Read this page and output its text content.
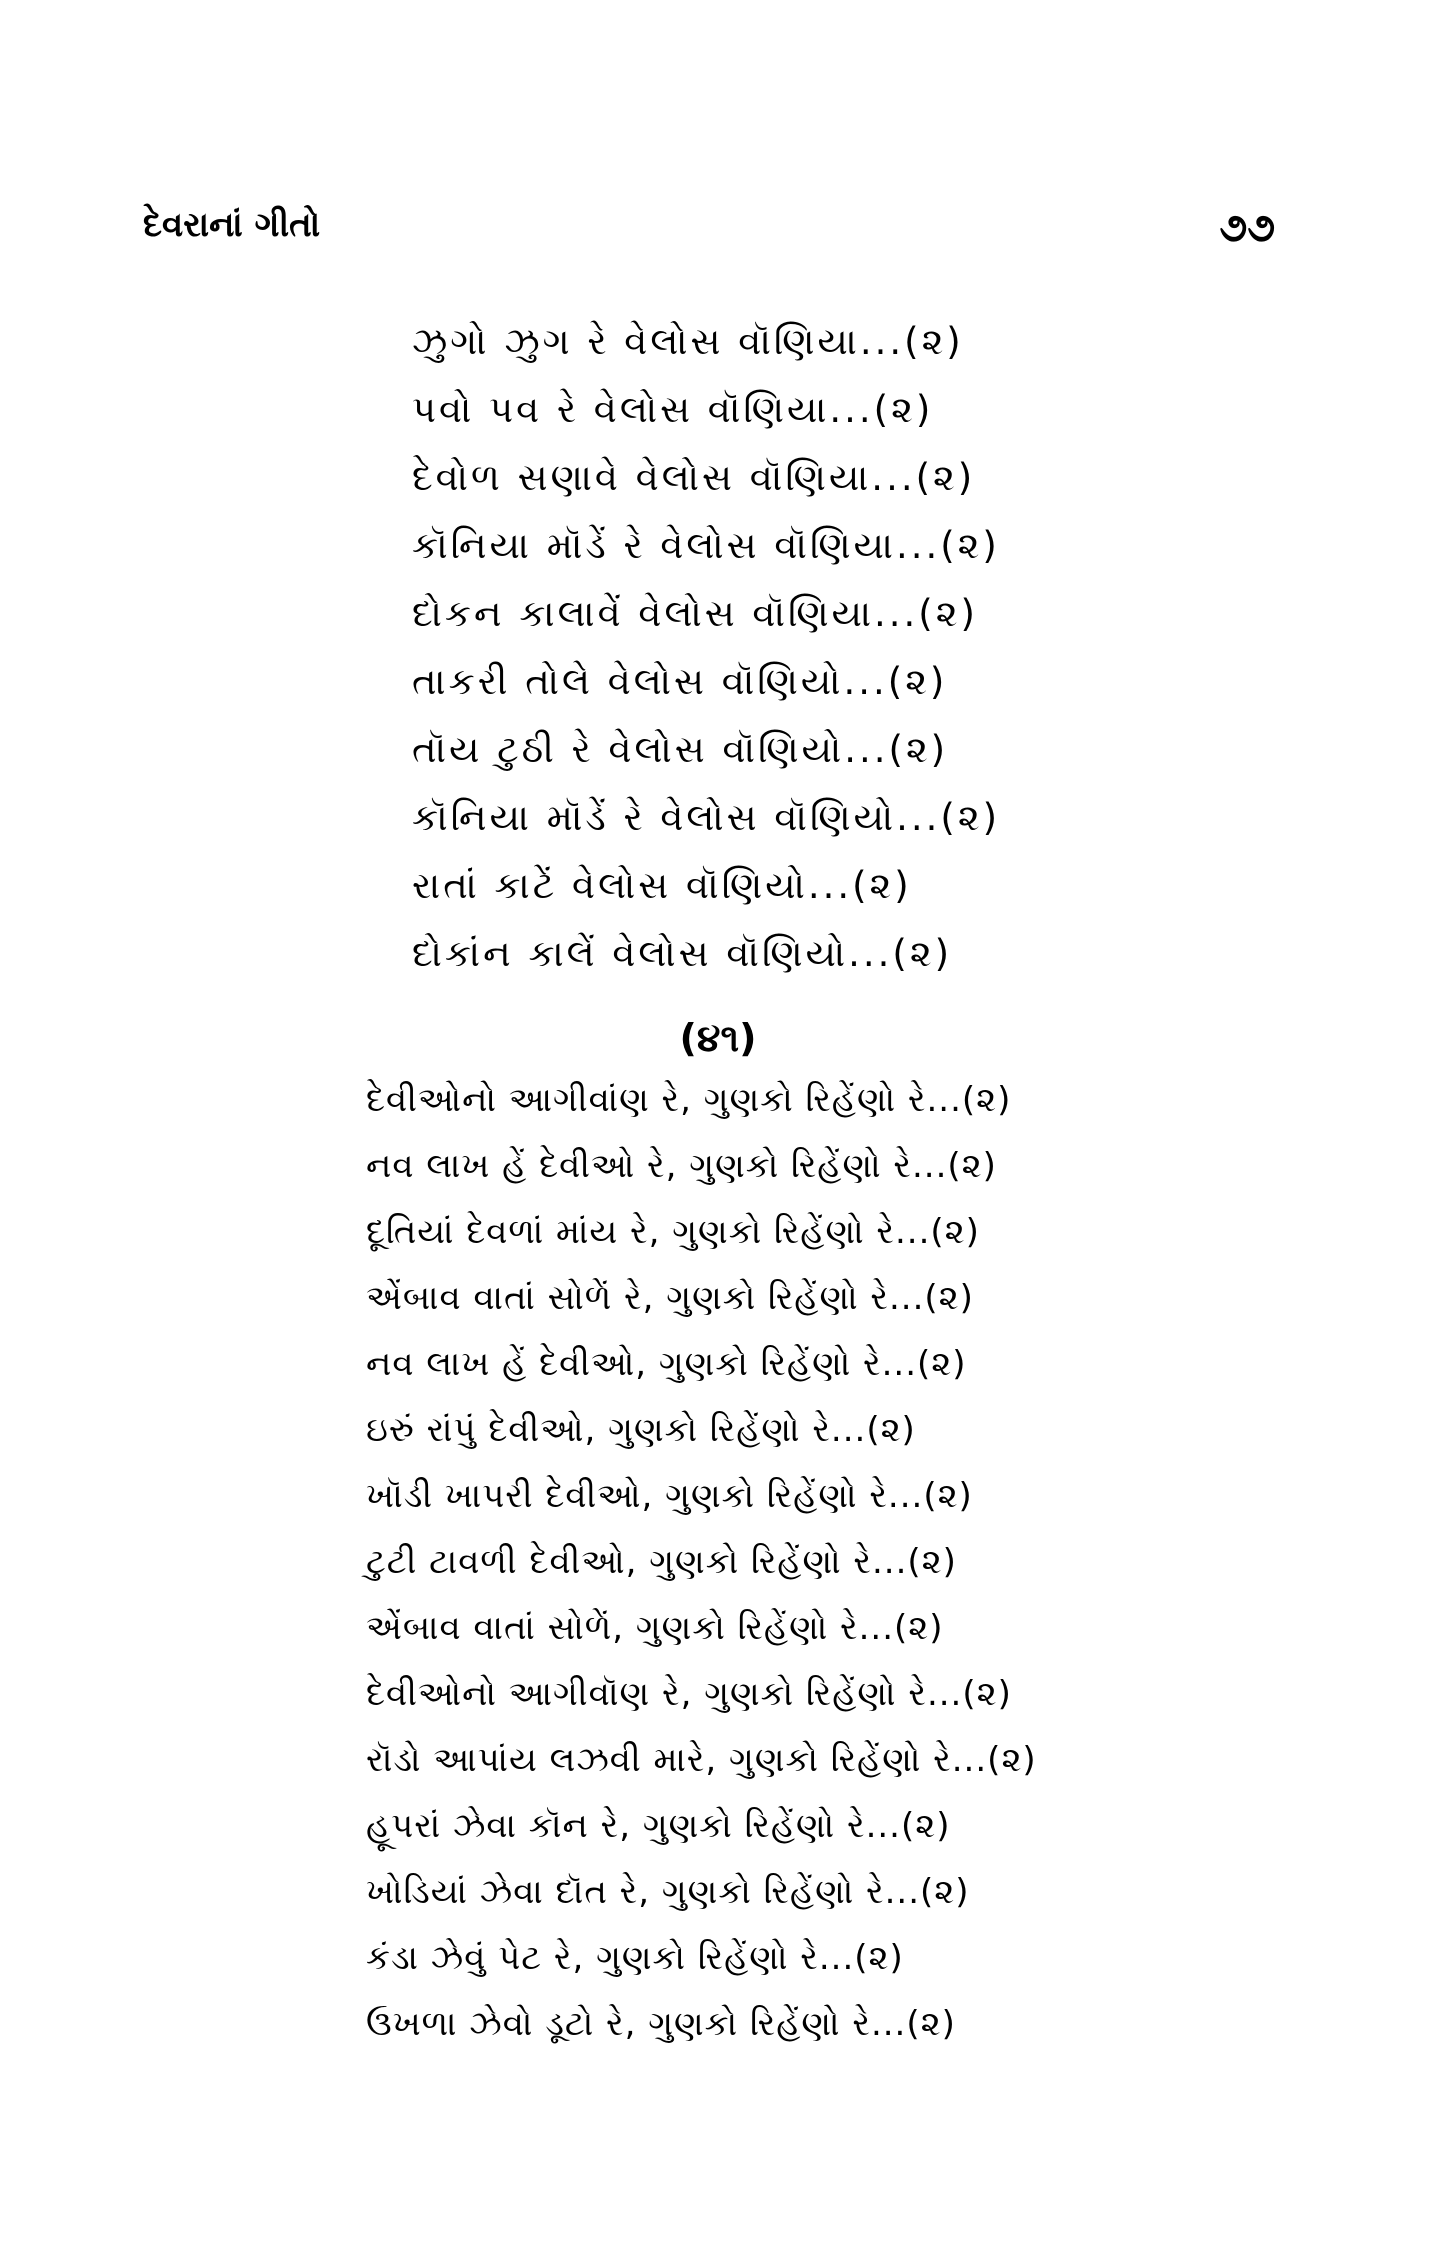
દેવરાનાં ગીતો	૭૭
ઝુગો ઝુગ રે વેલોસ વૉણિયા...(૨)
પવો પવ રે વેલોસ વૉણિયા...(૨)
દેવોળ સણાવે વેલોસ વૉણિયા...(૨)
કૉનિયા મૉડેં રે વેલોસ વૉણિયા...(૨)
દોકન કાલાવેં વેલોસ વૉણિયા...(૨)
તાકરી તોલે વેલોસ વૉણિયો...(૨)
તૉય ટુઠી રે વેલોસ વૉણિયો...(૨)
કૉનિયા મૉડેં રે વેલોસ વૉણિયો...(૨)
રાતાં કાટેં વેલોસ વૉણિયો...(૨)
દોકાંન કાલેં વેલોસ વૉણિયો...(૨)
(૪૧)
દેવીઓનો આગીવાંણ રે, ગુણકો રિહેંણો રે...(૨)
નવ લાખ હેં દેવીઓ રે, ગુણકો રિહેંણો રે...(૨)
દૂતિયાં દેવળાં માંય રે, ગુણકો રિહેંણો રે...(૨)
એંબાવ વાતાં સોળેં રે, ગુણકો રિહેંણો રે...(૨)
નવ લાખ હેં દેવીઓ, ગુણકો રિહેંણો રે...(૨)
ઇરું રાંપું દેવીઓ, ગુણકો રિહેંણો રે...(૨)
ખૉડી ખાપરી દેવીઓ, ગુણકો રિહેંણો રે...(૨)
ટુટી ટાવળી દેવીઓ, ગુણકો રિહેંણો રે...(૨)
એંબાવ વાતાં સોળેં, ગુણકો રિહેંણો રે...(૨)
દેવીઓનો આગીવૉણ રે, ગુણકો રિહેંણો રે...(૨)
રૉડો આપાંય લઝવી મારે, ગુણકો રિહેંણો રે...(૨)
હૂપરાં ઝેવા કૉન રે, ગુણકો રિહેંણો રે...(૨)
ખોડિયાં ઝેવા દૉત રે, ગુણકો રિહેંણો રે...(૨)
કંડા ઝેવું પેટ રે, ગુણકો રિહેંણો રે...(૨)
ઉખળા ઝેવો ડૂટો રે, ગુણકો રિહેંણો રે...(૨)
